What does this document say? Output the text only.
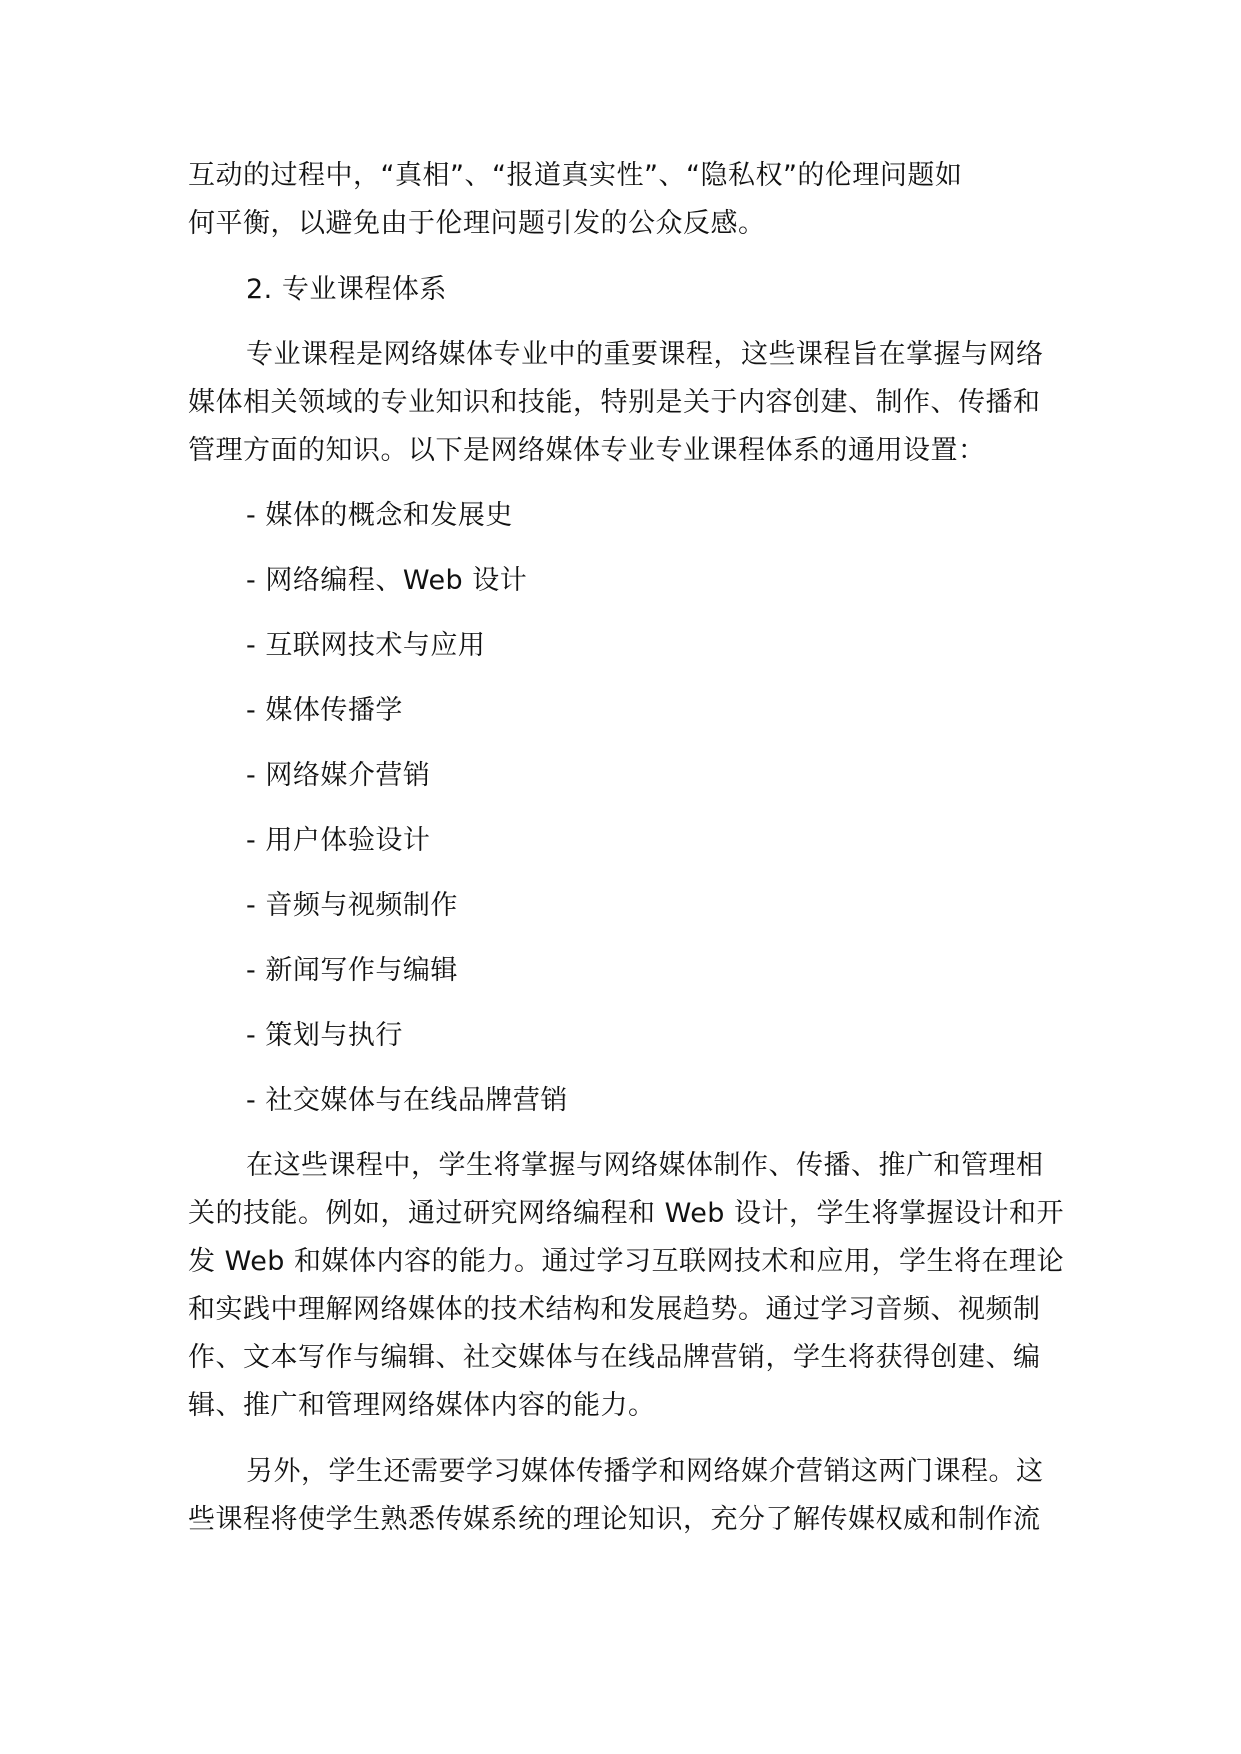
互动的过程中，“真相”、“报道真实性”、“隐私权”的伦理问题如
何平衡，以避免由于伦理问题引发的公众反感。
2. 专业课程体系
专业课程是网络媒体专业中的重要课程，这些课程旨在掌握与网络
媒体相关领域的专业知识和技能，特别是关于内容创建、制作、传播和
管理方面的知识。以下是网络媒体专业专业课程体系的通用设置：
- 媒体的概念和发展史
- 网络编程、Web 设计
- 互联网技术与应用
- 媒体传播学
- 网络媒介营销
- 用户体验设计
- 音频与视频制作
- 新闻写作与编辑
- 策划与执行
- 社交媒体与在线品牌营销
在这些课程中，学生将掌握与网络媒体制作、传播、推广和管理相
关的技能。例如，通过研究网络编程和 Web 设计，学生将掌握设计和开
发 Web 和媒体内容的能力。通过学习互联网技术和应用，学生将在理论
和实践中理解网络媒体的技术结构和发展趋势。通过学习音频、视频制
作、文本写作与编辑、社交媒体与在线品牌营销，学生将获得创建、编
辑、推广和管理网络媒体内容的能力。
另外，学生还需要学习媒体传播学和网络媒介营销这两门课程。这
些课程将使学生熟悉传媒系统的理论知识，充分了解传媒权威和制作流
